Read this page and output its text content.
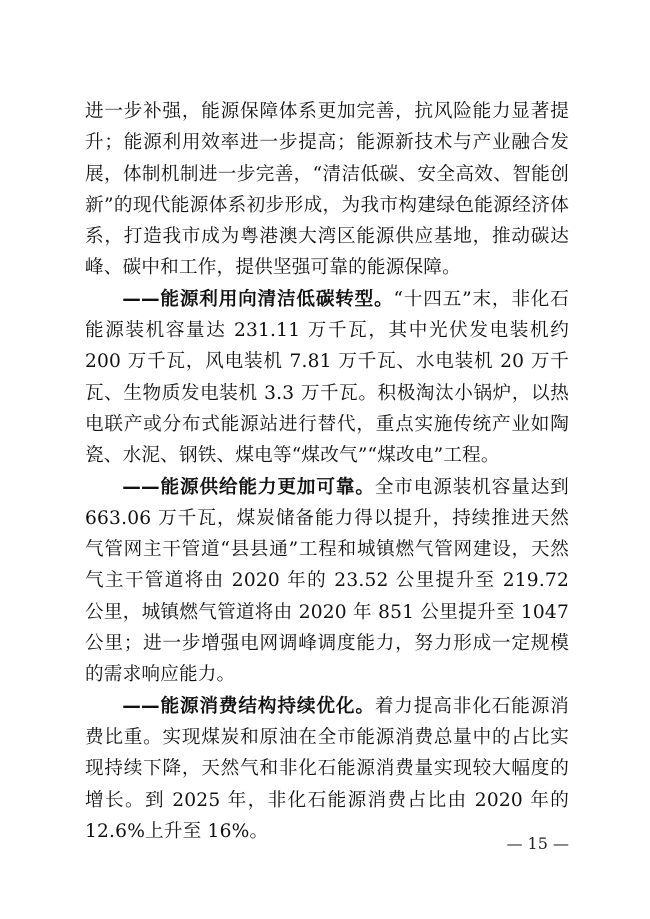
进一步补强，能源保障体系更加完善，抗风险能力显著提升；能源利用效率进一步提高；能源新技术与产业融合发展，体制机制进一步完善，“清洁低碳、安全高效、智能创新”的现代能源体系初步形成，为我市构建绿色能源经济体系，打造我市成为粤港澳大湾区能源供应基地，推动碳达峰、碳中和工作，提供坚强可靠的能源保障。

——能源利用向清洁低碳转型。“十四五”末，非化石能源装机容量达 231.11 万千瓦，其中光伏发电装机约 200 万千瓦，风电装机 7.81 万千瓦、水电装机 20 万千瓦、生物质发电装机 3.3 万千瓦。积极淘汰小锅炉，以热电联产或分布式能源站进行替代，重点实施传统产业如陶瓷、水泥、钢铁、煤电等“煤改气”“煤改电”工程。

——能源供给能力更加可靠。全市电源装机容量达到 663.06 万千瓦，煤炭储备能力得以提升，持续推进天然气管网主干管道“县县通”工程和城镇燃气管网建设，天然气主干管道将由 2020 年的 23.52 公里提升至 219.72 公里，城镇燃气管道将由 2020 年 851 公里提升至 1047 公里；进一步增强电网调峰调度能力，努力形成一定规模的需求响应能力。

——能源消费结构持续优化。着力提高非化石能源消费比重。实现煤炭和原油在全市能源消费总量中的占比实现持续下降，天然气和非化石能源消费量实现较大幅度的增长。到 2025 年，非化石能源消费占比由 2020 年的 12.6%上升至 16%。

— 15 —
